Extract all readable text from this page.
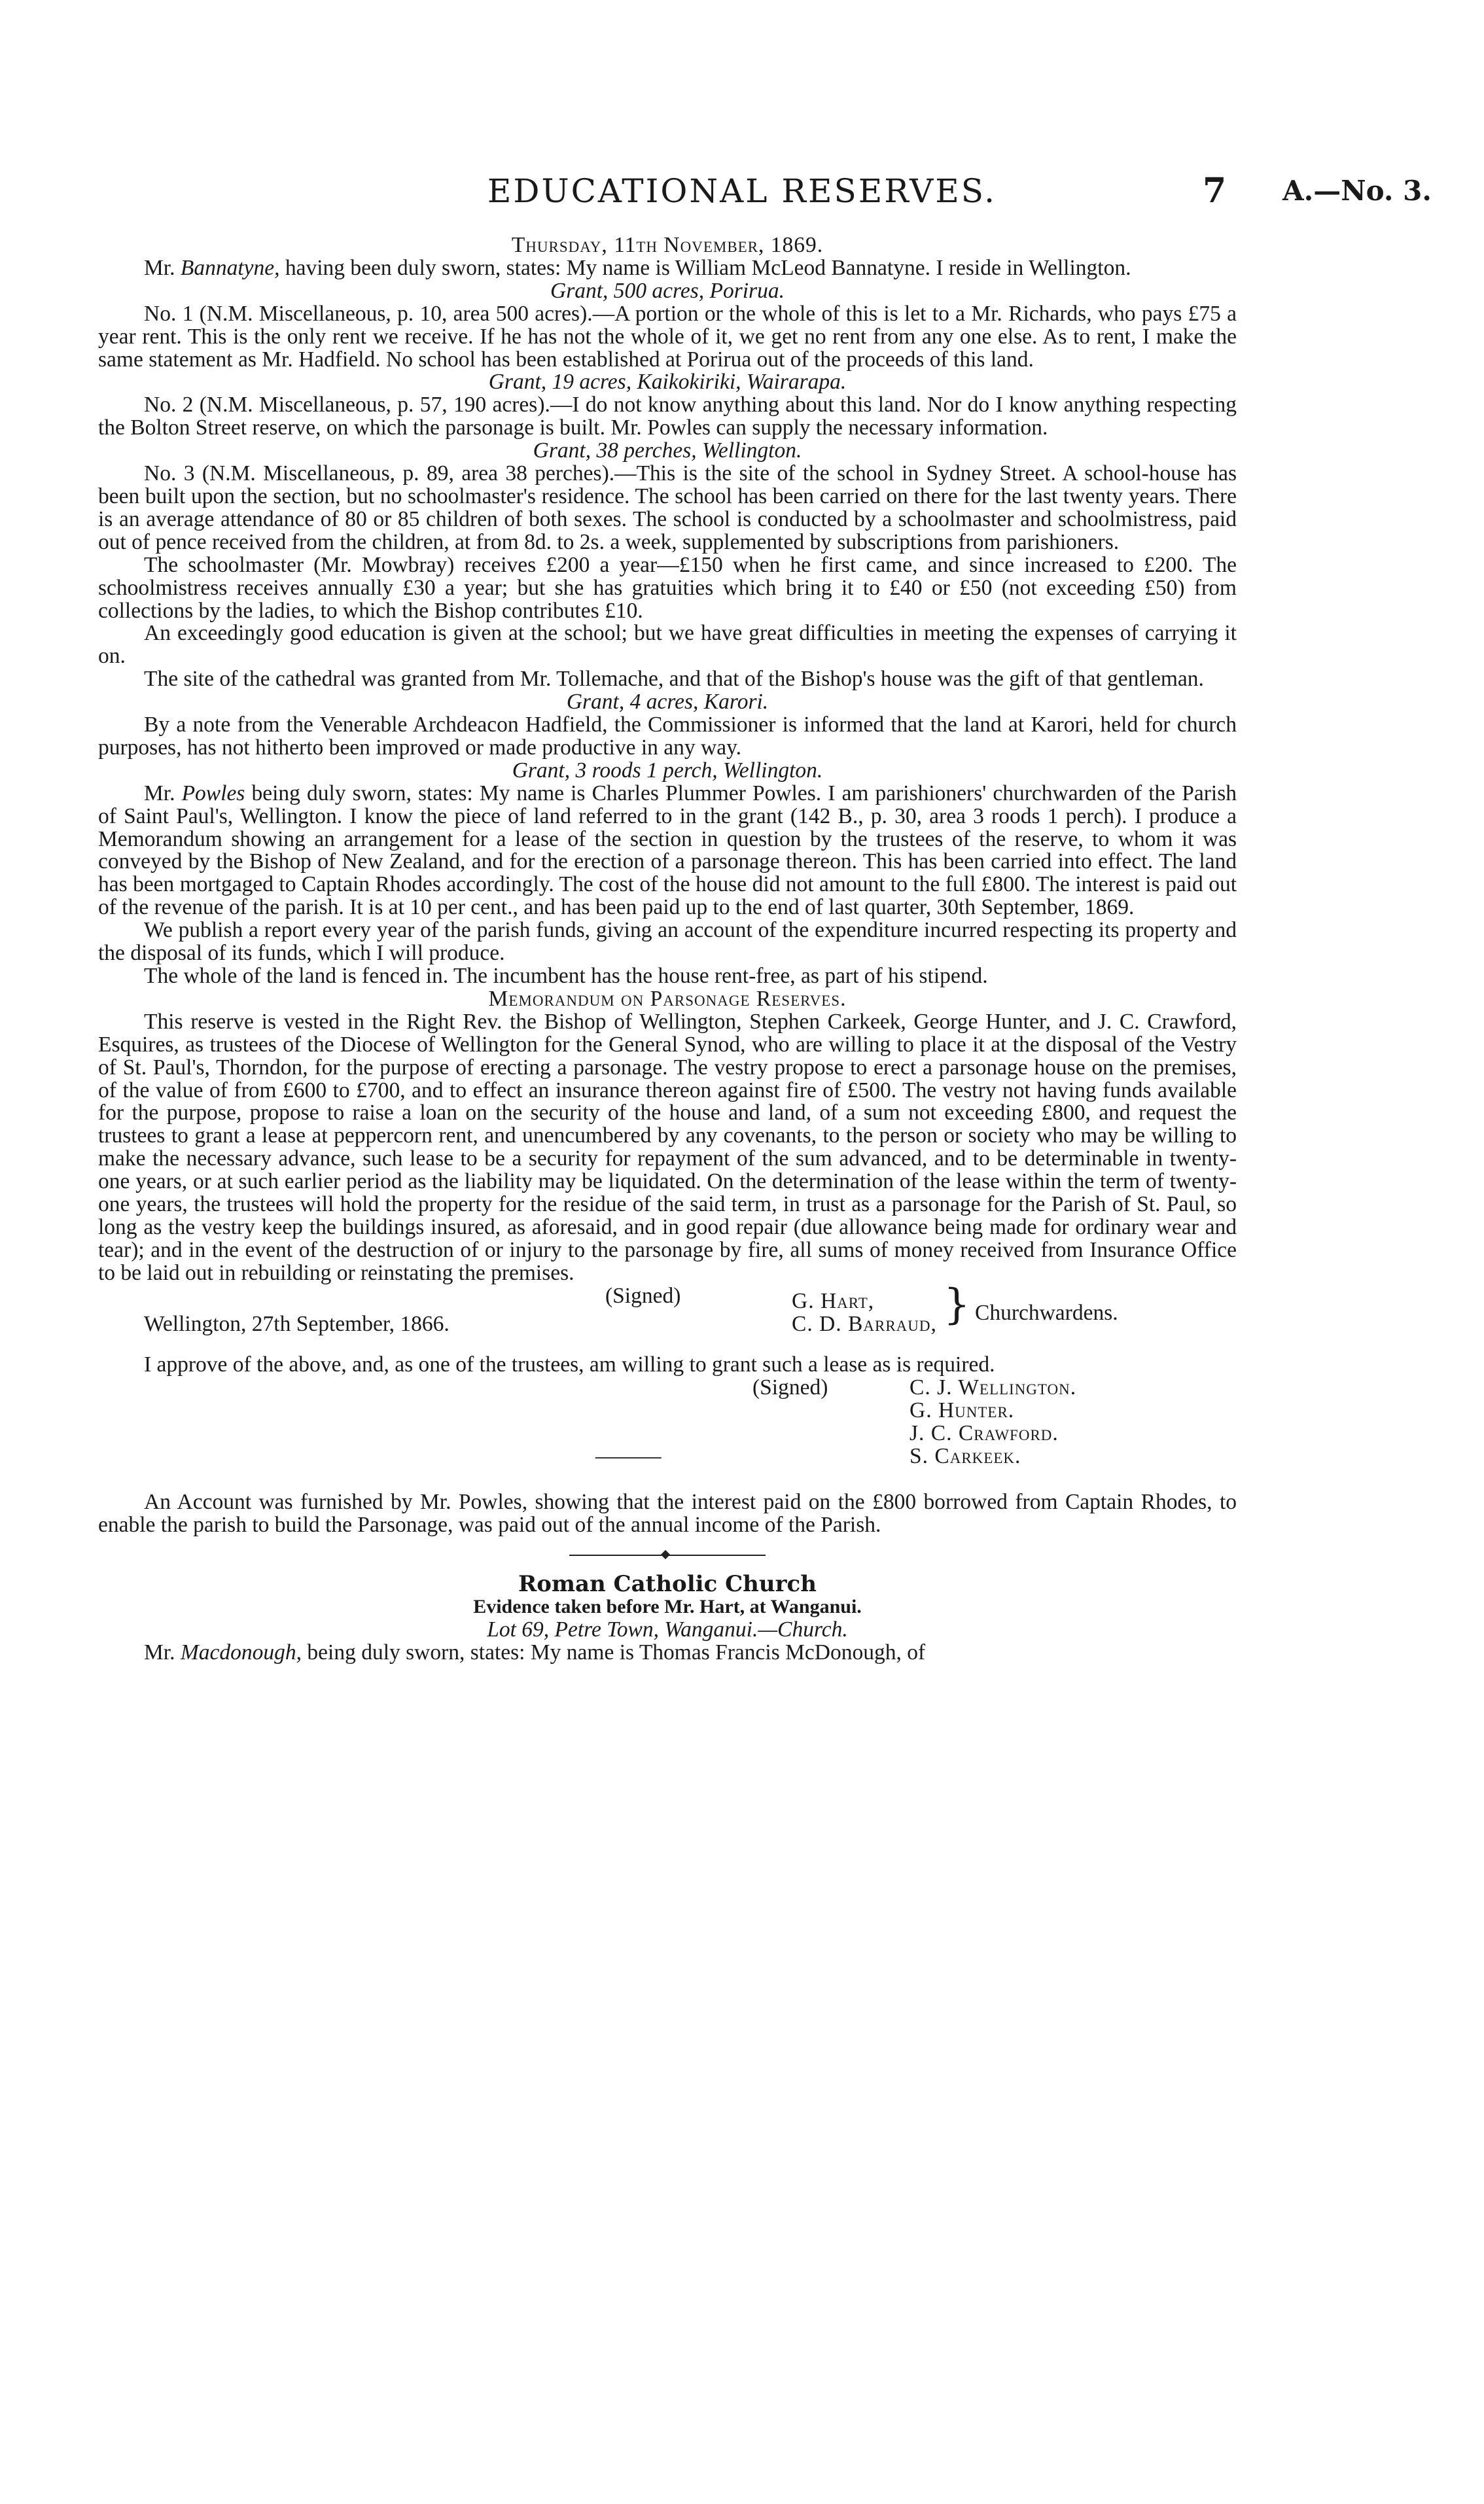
EDUCATIONAL RESERVES.	7 A.—No. 3.

Thursday, 11th November, 1869.

Mr. Bannatyne, having been duly sworn, states: My name is William McLeod Bannatyne. I reside in Wellington.

Grant, 500 acres, Porirua.

No. 1 (N.M. Miscellaneous, p. 10, area 500 acres).—A portion or the whole of this is let to a Mr. Richards, who pays £75 a year rent. This is the only rent we receive. If he has not the whole of it, we get no rent from any one else. As to rent, I make the same statement as Mr. Hadfield. No school has been established at Porirua out of the proceeds of this land.

Grant, 19 acres, Kaikokiriki, Wairarapa.

No. 2 (N.M. Miscellaneous, p. 57, 190 acres).—I do not know anything about this land. Nor do I know anything respecting the Bolton Street reserve, on which the parsonage is built. Mr. Powles can supply the necessary information.

Grant, 38 perches, Wellington.

No. 3 (N.M. Miscellaneous, p. 89, area 38 perches).—This is the site of the school in Sydney Street. A school-house has been built upon the section, but no schoolmaster's residence. The school has been carried on there for the last twenty years. There is an average attendance of 80 or 85 children of both sexes. The school is conducted by a schoolmaster and schoolmistress, paid out of pence received from the children, at from 8d. to 2s. a week, supplemented by subscriptions from parishioners.

The schoolmaster (Mr. Mowbray) receives £200 a year—£150 when he first came, and since increased to £200. The schoolmistress receives annually £30 a year; but she has gratuities which bring it to £40 or £50 (not exceeding £50) from collections by the ladies, to which the Bishop contributes £10.

An exceedingly good education is given at the school; but we have great difficulties in meeting the expenses of carrying it on.

The site of the cathedral was granted from Mr. Tollemache, and that of the Bishop's house was the gift of that gentleman.

Grant, 4 acres, Karori.

By a note from the Venerable Archdeacon Hadfield, the Commissioner is informed that the land at Karori, held for church purposes, has not hitherto been improved or made productive in any way.

Grant, 3 roods 1 perch, Wellington.

Mr. Powles being duly sworn, states: My name is Charles Plummer Powles. I am parishioners' churchwarden of the Parish of Saint Paul's, Wellington. I know the piece of land referred to in the grant (142 B., p. 30, area 3 roods 1 perch). I produce a Memorandum showing an arrangement for a lease of the section in question by the trustees of the reserve, to whom it was conveyed by the Bishop of New Zealand, and for the erection of a parsonage thereon. This has been carried into effect. The land has been mortgaged to Captain Rhodes accordingly. The cost of the house did not amount to the full £800. The interest is paid out of the revenue of the parish. It is at 10 per cent., and has been paid up to the end of last quarter, 30th September, 1869.

We publish a report every year of the parish funds, giving an account of the expenditure incurred respecting its property and the disposal of its funds, which I will produce.

The whole of the land is fenced in. The incumbent has the house rent-free, as part of his stipend.

Memorandum on Parsonage Reserves.

This reserve is vested in the Right Rev. the Bishop of Wellington, Stephen Carkeek, George Hunter, and J. C. Crawford, Esquires, as trustees of the Diocese of Wellington for the General Synod, who are willing to place it at the disposal of the Vestry of St. Paul's, Thorndon, for the purpose of erecting a parsonage. The vestry propose to erect a parsonage house on the premises, of the value of from £600 to £700, and to effect an insurance thereon against fire of £500. The vestry not having funds available for the purpose, propose to raise a loan on the security of the house and land, of a sum not exceeding £800, and request the trustees to grant a lease at peppercorn rent, and unencumbered by any covenants, to the person or society who may be willing to make the necessary advance, such lease to be a security for repayment of the sum advanced, and to be determinable in twenty-one years, or at such earlier period as the liability may be liquidated. On the determination of the lease within the term of twenty-one years, the trustees will hold the property for the residue of the said term, in trust as a parsonage for the Parish of St. Paul, so long as the vestry keep the buildings insured, as aforesaid, and in good repair (due allowance being made for ordinary wear and tear); and in the event of the destruction of or injury to the parsonage by fire, all sums of money received from Insurance Office to be laid out in rebuilding or reinstating the premises.

(Signed)	G. Hart,
C. D. Barraud, } Churchwardens.
Wellington, 27th September, 1866.

I approve of the above, and, as one of the trustees, am willing to grant such a lease as is required.

(Signed)	C. J. Wellington.
G. Hunter.
J. C. Crawford.
———	S. Carkeek.

An Account was furnished by Mr. Powles, showing that the interest paid on the £800 borrowed from Captain Rhodes, to enable the parish to build the Parsonage, was paid out of the annual income of the Parish.

Roman Catholic Church

Evidence taken before Mr. Hart, at Wanganui.

Lot 69, Petre Town, Wanganui.—Church.

Mr. Macdonough, being duly sworn, states: My name is Thomas Francis McDonough, of
